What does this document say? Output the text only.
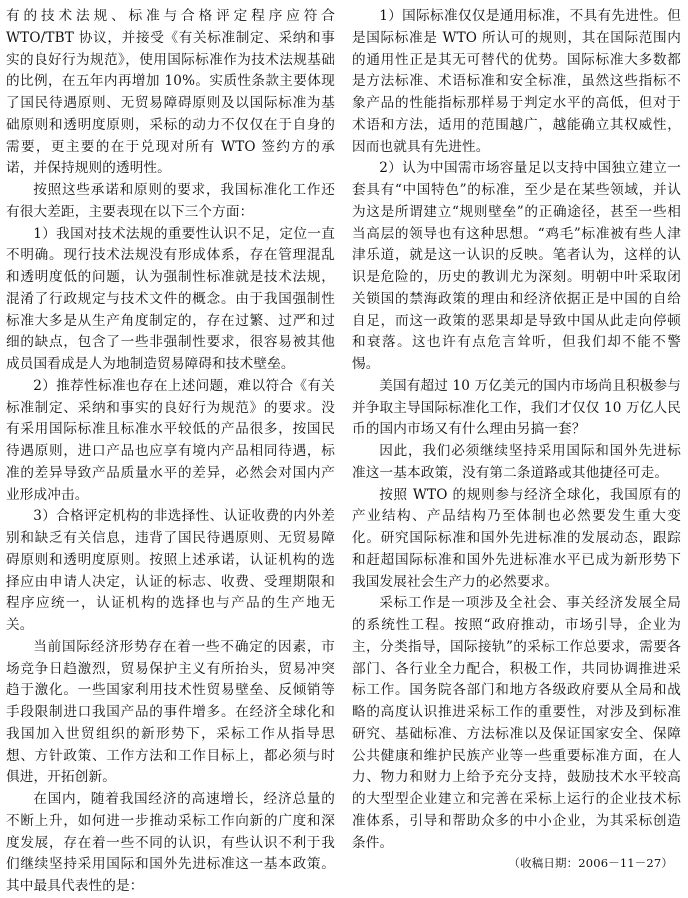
有的技术法规、标准与合格评定程序应符合 WTO/TBT 协议，并接受《有关标准制定、采纳和事实的良好行为规范》，使用国际标准作为技术法规基础的比例，在五年内再增加 10%。实质性条款主要体现了国民待遇原则、无贸易障碍原则及以国际标准为基础原则和透明度原则，采标的动力不仅仅在于自身的需要，更主要的在于兑现对所有 WTO 签约方的承诺，并保持规则的透明性。

按照这些承诺和原则的要求，我国标准化工作还有很大差距，主要表现在以下三个方面：

1）我国对技术法规的重要性认识不足，定位一直不明确。现行技术法规没有形成体系，存在管理混乱和透明度低的问题，认为强制性标准就是技术法规，混淆了行政规定与技术文件的概念。由于我国强制性标准大多是从生产角度制定的，存在过繁、过严和过细的缺点，包含了一些非强制性要求，很容易被其他成员国看成是人为地制造贸易障碍和技术壁垒。

2）推荐性标准也存在上述问题，难以符合《有关标准制定、采纳和事实的良好行为规范》的要求。没有采用国际标准且标准水平较低的产品很多，按国民待遇原则，进口产品也应享有境内产品相同待遇，标准的差异导致产品质量水平的差异，必然会对国内产业形成冲击。

3）合格评定机构的非选择性、认证收费的内外差别和缺乏有关信息，违背了国民待遇原则、无贸易障碍原则和透明度原则。按照上述承诺，认证机构的选择应由申请人决定，认证的标志、收费、受理期限和程序应统一，认证机构的选择也与产品的生产地无关。

当前国际经济形势存在着一些不确定的因素，市场竞争日趋激烈，贸易保护主义有所抬头，贸易冲突趋于激化。一些国家利用技术性贸易壁垒、反倾销等手段限制进口我国产品的事件增多。在经济全球化和我国加入世贸组织的新形势下，采标工作从指导思想、方针政策、工作方法和工作目标上，都必须与时俱进，开拓创新。

在国内，随着我国经济的高速增长，经济总量的不断上升，如何进一步推动采标工作向新的广度和深度发展，存在着一些不同的认识，有些认识不利于我们继续坚持采用国际和国外先进标准这一基本政策。其中最具代表性的是：

1）国际标准仅仅是通用标准，不具有先进性。但是国际标准是 WTO 所认可的规则，其在国际范围内的通用性正是其无可替代的优势。国际标准大多数都是方法标准、术语标准和安全标准，虽然这些指标不象产品的性能指标那样易于判定水平的高低，但对于术语和方法，适用的范围越广，越能确立其权威性，因而也就具有先进性。

2）认为中国需市场容量足以支持中国独立建立一套具有“中国特色”的标准，至少是在某些领域，并认为这是所谓建立“规则壁垒”的正确途径，甚至一些相当高层的领导也有这种思想。“鸡毛”标准被有些人津津乐道，就是这一认识的反映。笔者认为，这样的认识是危险的，历史的教训尤为深刻。明朝中叶采取闭关锁国的禁海政策的理由和经济依据正是中国的自给自足，而这一政策的恶果却是导致中国从此走向停顿和衰落。这也许有点危言耸听，但我们却不能不警惕。

美国有超过 10 万亿美元的国内市场尚且积极参与并争取主导国际标准化工作，我们才仅仅 10 万亿人民币的国内市场又有什么理由另搞一套？

因此，我们必须继续坚持采用国际和国外先进标准这一基本政策，没有第二条道路或其他捷径可走。

按照 WTO 的规则参与经济全球化，我国原有的产业结构、产品结构乃至体制也必然要发生重大变化。研究国际标准和国外先进标准的发展动态，跟踪和赶超国际标准和国外先进标准水平已成为新形势下我国发展社会生产力的必然要求。

采标工作是一项涉及全社会、事关经济发展全局的系统性工程。按照“政府推动，市场引导，企业为主，分类指导，国际接轨”的采标工作总要求，需要各部门、各行业全力配合，积极工作，共同协调推进采标工作。国务院各部门和地方各级政府要从全局和战略的高度认识推进采标工作的重要性，对涉及到标准研究、基础标准、方法标准以及保证国家安全、保障公共健康和维护民族产业等一些重要标准方面，在人力、物力和财力上给予充分支持，鼓励技术水平较高的大型型企业建立和完善在采标上运行的企业技术标准体系，引导和帮助众多的中小企业，为其采标创造条件。

（收稿日期：2006－11－27）
